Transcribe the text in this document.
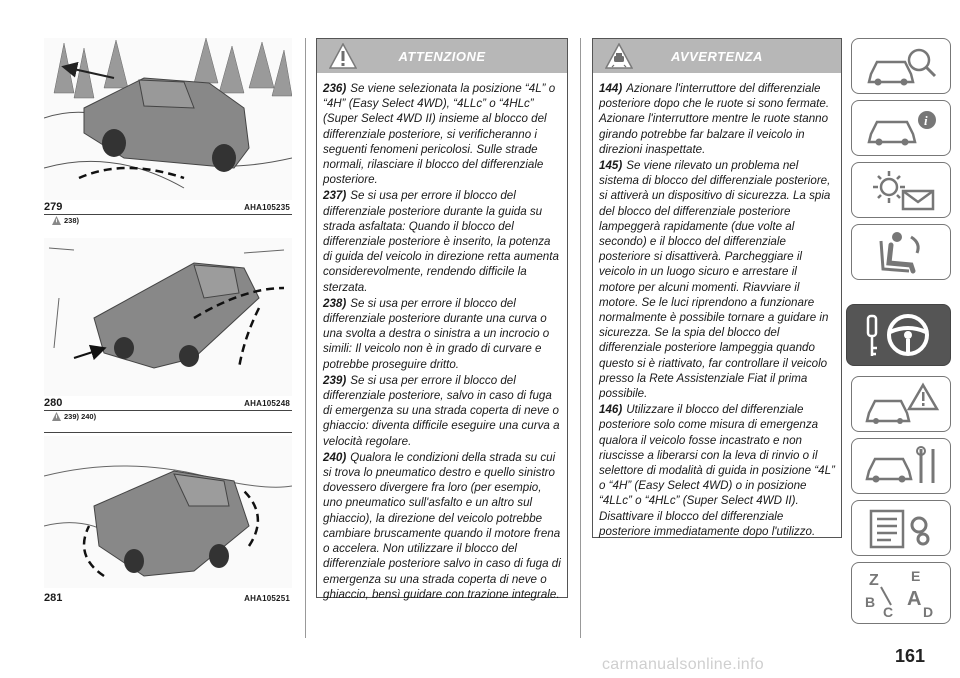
279	AHA105235
238)
280	AHA105248
239) 240)
281	AHA105251
ATTENZIONE

236) Se viene selezionata la posizione “4L” o “4H” (Easy Select 4WD), “4LLc” o “4HLc” (Super Select 4WD II) insieme al blocco del differenziale posteriore, si verificheranno i seguenti fenomeni pericolosi. Sulle strade normali, rilasciare il blocco del differenziale posteriore.

237) Se si usa per errore il blocco del differenziale posteriore durante la guida su strada asfaltata: Quando il blocco del differenziale posteriore è inserito, la potenza di guida del veicolo in direzione retta aumenta considerevolmente, rendendo difficile la sterzata.

238) Se si usa per errore il blocco del differenziale posteriore durante una curva o una svolta a destra o sinistra a un incrocio o simili: Il veicolo non è in grado di curvare e potrebbe proseguire dritto.

239) Se si usa per errore il blocco del differenziale posteriore, salvo in caso di fuga di emergenza su una strada coperta di neve o ghiaccio: diventa difficile eseguire una curva a velocità regolare.

240) Qualora le condizioni della strada su cui si trova lo pneumatico destro e quello sinistro dovessero divergere fra loro (per esempio, uno pneumatico sull'asfalto e un altro sul ghiaccio), la direzione del veicolo potrebbe cambiare bruscamente quando il motore frena o accelera. Non utilizzare il blocco del differenziale posteriore salvo in caso di fuga di emergenza su una strada coperta di neve o ghiaccio, bensì guidare con trazione integrale.

AVVERTENZA

144) Azionare l'interruttore del differenziale posteriore dopo che le ruote si sono fermate. Azionare l'interruttore mentre le ruote stanno girando potrebbe far balzare il veicolo in direzioni inaspettate.

145) Se viene rilevato un problema nel sistema di blocco del differenziale posteriore, si attiverà un dispositivo di sicurezza. La spia del blocco del differenziale posteriore lampeggerà rapidamente (due volte al secondo) e il blocco del differenziale posteriore si disattiverà. Parcheggiare il veicolo in un luogo sicuro e arrestare il motore per alcuni momenti. Riavviare il motore. Se le luci riprendono a funzionare normalmente è possibile tornare a guidare in sicurezza. Se la spia del blocco del differenziale posteriore lampeggia quando questo si è riattivato, far controllare il veicolo presso la Rete Assistenziale Fiat il prima possibile.

146) Utilizzare il blocco del differenziale posteriore solo come misura di emergenza qualora il veicolo fosse incastrato e non riuscisse a liberarsi con la leva di rinvio o il selettore di modalità di guida in posizione “4L” o “4H” (Easy Select 4WD) o in posizione “4LLc” o “4HLc” (Super Select 4WD II). Disattivare il blocco del differenziale posteriore immediatamente dopo l'utilizzo.

i
Z E
B A
C D
161
carmanualsonline.info
